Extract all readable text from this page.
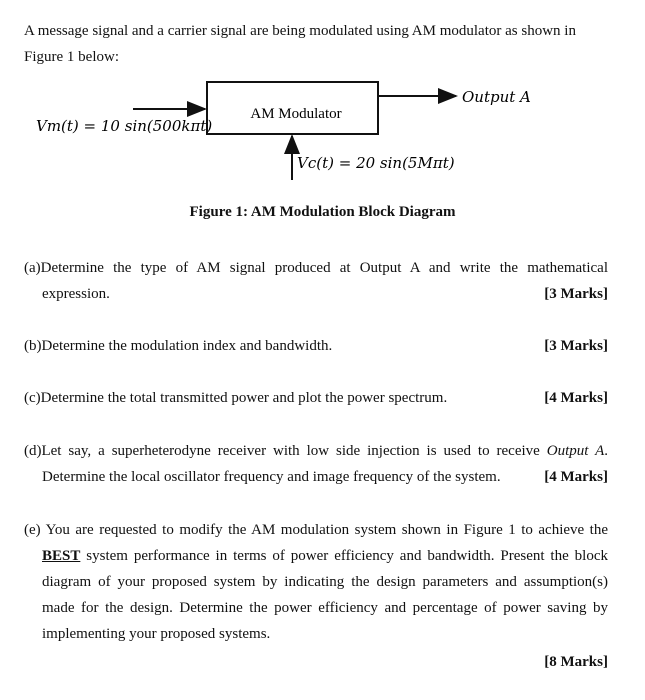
A message signal and a carrier signal are being modulated using AM modulator as shown in
Figure 1 below:
AM Modulator
Vm(t) = 10 sin(500kπt)
Output A
Vc(t) = 20 sin(5Mπt)
Figure 1: AM Modulation Block Diagram
(a)Determine the type of AM signal produced at Output A and write the mathematical
expression.	[3 Marks]
(b)Determine the modulation index and bandwidth.	[3 Marks]
(c)Determine the total transmitted power and plot the power spectrum.	[4 Marks]
(d)Let say, a superheterodyne receiver with low side injection is used to receive Output A.
Determine the local oscillator frequency and image frequency of the system.	[4 Marks]
(e) You are requested to modify the AM modulation system shown in Figure 1 to achieve the
BEST system performance in terms of power efficiency and bandwidth. Present the block
diagram of your proposed system by indicating the design parameters and assumption(s)
made for the design. Determine the power efficiency and percentage of power saving by
implementing your proposed systems.
[8 Marks]
